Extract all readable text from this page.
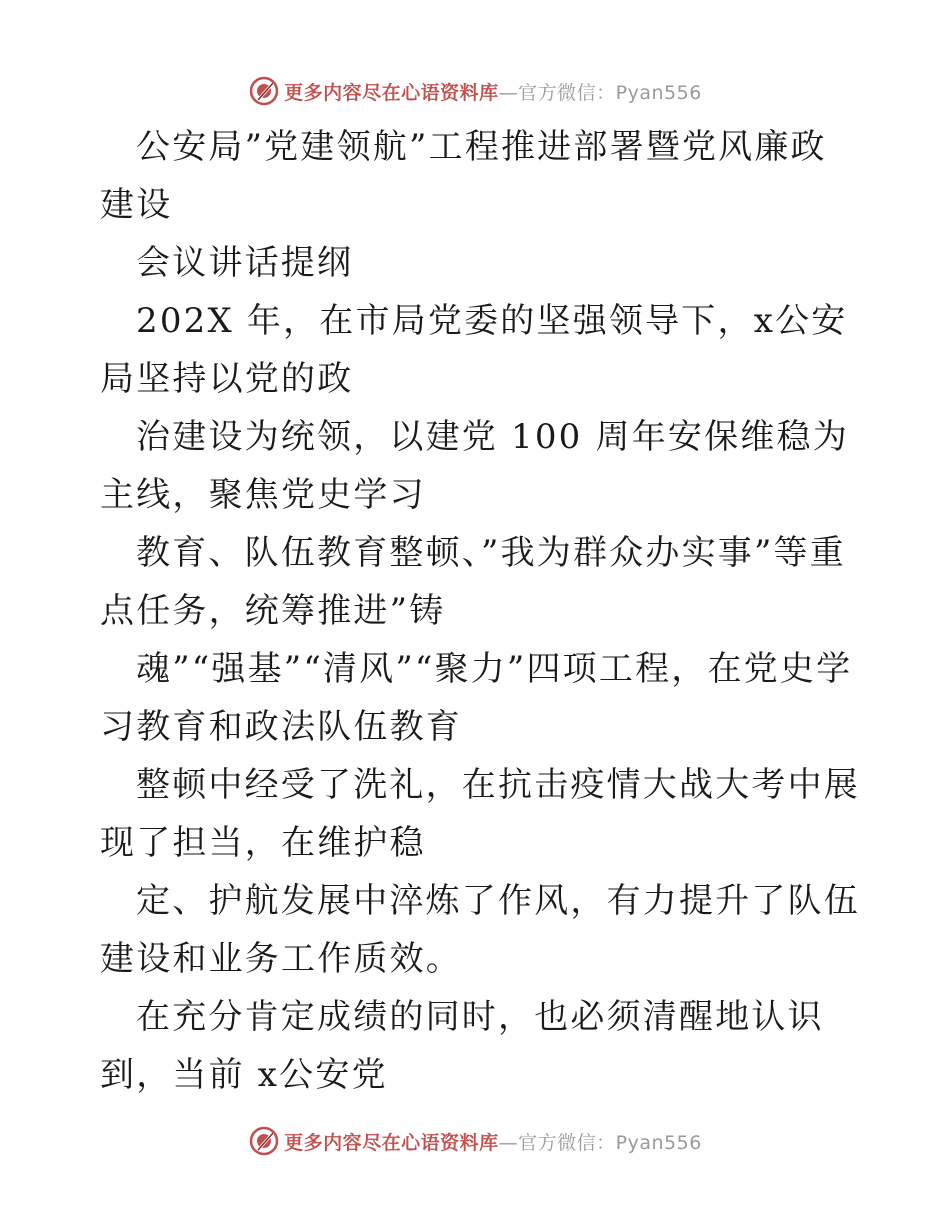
更多内容尽在心语资料库—官方微信：Pyan556

公安局”党建领航”工程推进部署暨党风廉政建设

会议讲话提纲

202X 年，在市局党委的坚强领导下，x公安局坚持以党的政

治建设为统领，以建党 100 周年安保维稳为主线，聚焦党史学习

教育、队伍教育整顿、”我为群众办实事”等重点任务，统筹推进”铸

魂”“强基”“清风”“聚力”四项工程，在党史学习教育和政法队伍教育

整顿中经受了洗礼，在抗击疫情大战大考中展现了担当，在维护稳

定、护航发展中淬炼了作风，有力提升了队伍建设和业务工作质效。

在充分肯定成绩的同时，也必须清醒地认识到，当前 x公安党

更多内容尽在心语资料库—官方微信：Pyan556
